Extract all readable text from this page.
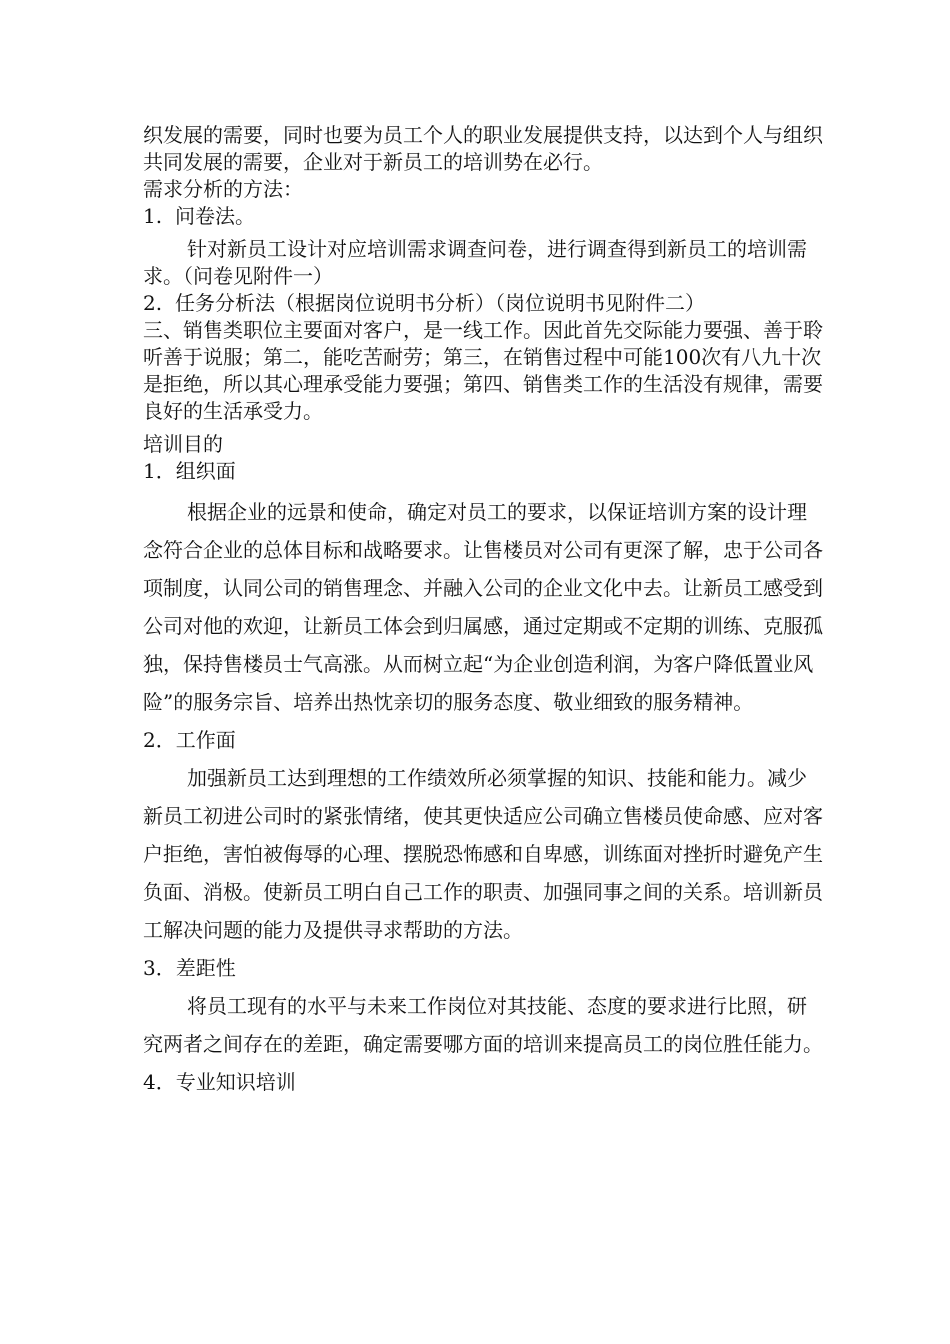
织发展的需要，同时也要为员工个人的职业发展提供支持，以达到个人与组织共同发展的需要，企业对于新员工的培训势在必行。

需求分析的方法：

1. 问卷法。

针对新员工设计对应培训需求调查问卷，进行调查得到新员工的培训需求。（问卷见附件一）

2. 任务分析法（根据岗位说明书分析）（岗位说明书见附件二）

三、销售类职位主要面对客户，是一线工作。因此首先交际能力要强、善于聆听善于说服；第二，能吃苦耐劳；第三，在销售过程中可能100次有八九十次是拒绝，所以其心理承受能力要强；第四、销售类工作的生活没有规律，需要良好的生活承受力。

培训目的

1．组织面

根据企业的远景和使命，确定对员工的要求，以保证培训方案的设计理念符合企业的总体目标和战略要求。让售楼员对公司有更深了解，忠于公司各项制度，认同公司的销售理念、并融入公司的企业文化中去。让新员工感受到公司对他的欢迎，让新员工体会到归属感，通过定期或不定期的训练、克服孤独，保持售楼员士气高涨。从而树立起“为企业创造利润，为客户降低置业风险”的服务宗旨、培养出热忱亲切的服务态度、敬业细致的服务精神。

2．工作面

加强新员工达到理想的工作绩效所必须掌握的知识、技能和能力。减少新员工初进公司时的紧张情绪，使其更快适应公司确立售楼员使命感、应对客户拒绝，害怕被侮辱的心理、摆脱恐怖感和自卑感，训练面对挫折时避免产生负面、消极。使新员工明白自己工作的职责、加强同事之间的关系。培训新员工解决问题的能力及提供寻求帮助的方法。

3．差距性

将员工现有的水平与未来工作岗位对其技能、态度的要求进行比照，研究两者之间存在的差距，确定需要哪方面的培训来提高员工的岗位胜任能力。

4．专业知识培训
